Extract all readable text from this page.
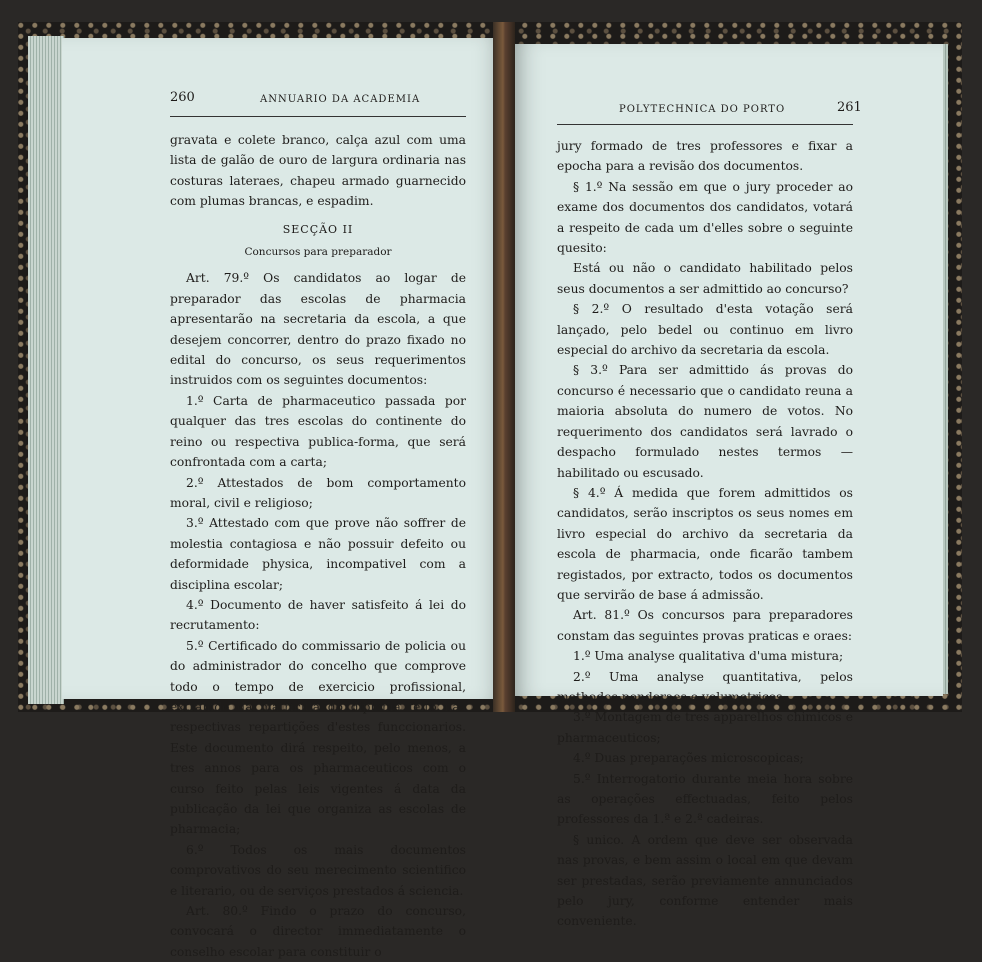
260	ANNUARIO DA ACADEMIA

gravata e colete branco, calça azul com uma lista de galão de ouro de largura ordinaria nas costuras lateraes, chapeu armado guarnecido com plumas brancas, e espadim.

SECÇÃO II

Concursos para preparador

Art. 79.º Os candidatos ao logar de preparador das escolas de pharmacia apresentarão na secretaria da escola, a que desejem concorrer, dentro do prazo fixado no edital do concurso, os seus requerimentos instruidos com os seguintes documentos:

1.º Carta de pharmaceutico passada por qualquer das tres escolas do continente do reino ou respectiva publica-forma, que será confrontada com a carta;

2.º Attestados de bom comportamento moral, civil e religioso;

3.º Attestado com que prove não soffrer de molestia contagiosa e não possuir defeito ou deformidade physica, incompativel com a disciplina escolar;

4.º Documento de haver satisfeito á lei do recrutamento:

5.º Certificado do commissario de policia ou do administrador do concelho que comprove todo o tempo de exercicio profissional, extrahido da matricula do diploma feito nas respectivas repartições d'estes funccionarios. Este documento dirá respeito, pelo menos, a tres annos para os pharmaceuticos com o curso feito pelas leis vigentes á data da publicação da lei que organiza as escolas de pharmacia;

6.º Todos os mais documentos comprovativos do seu merecimento scientifico e literario, ou de serviços prestados á sciencia.

Art. 80.º Findo o prazo do concurso, convocará o director immediatamente o conselho escolar para constituir o

POLYTECHNICA DO PORTO	261

jury formado de tres professores e fixar a epocha para a revisão dos documentos.

§ 1.º Na sessão em que o jury proceder ao exame dos documentos dos candidatos, votará a respeito de cada um d'elles sobre o seguinte quesito:

Está ou não o candidato habilitado pelos seus documentos a ser admittido ao concurso?

§ 2.º O resultado d'esta votação será lançado, pelo bedel ou continuo em livro especial do archivo da secretaria da escola.

§ 3.º Para ser admittido ás provas do concurso é necessario que o candidato reuna a maioria absoluta do numero de votos. No requerimento dos candidatos será lavrado o despacho formulado nestes termos — habilitado ou escusado.

§ 4.º Á medida que forem admittidos os candidatos, serão inscriptos os seus nomes em livro especial do archivo da secretaria da escola de pharmacia, onde ficarão tambem registados, por extracto, todos os documentos que servirão de base á admissão.

Art. 81.º Os concursos para preparadores constam das seguintes provas praticas e oraes:

1.º Uma analyse qualitativa d'uma mistura;

2.º Uma analyse quantitativa, pelos methodos ponderaes e volumetricos;

3.º Montagem de tres apparelhos chimicos e pharmaceuticos;

4.º Duas preparações microscopicas;

5.º Interrogatorio durante meia hora sobre as operações effectuadas, feito pelos professores da 1.ª e 2.ª cadeiras.

§ unico. A ordem que deve ser observada nas provas, e bem assim o local em que devam ser prestadas, serão previamente annunciados pelo jury, conforme entender mais conveniente.
